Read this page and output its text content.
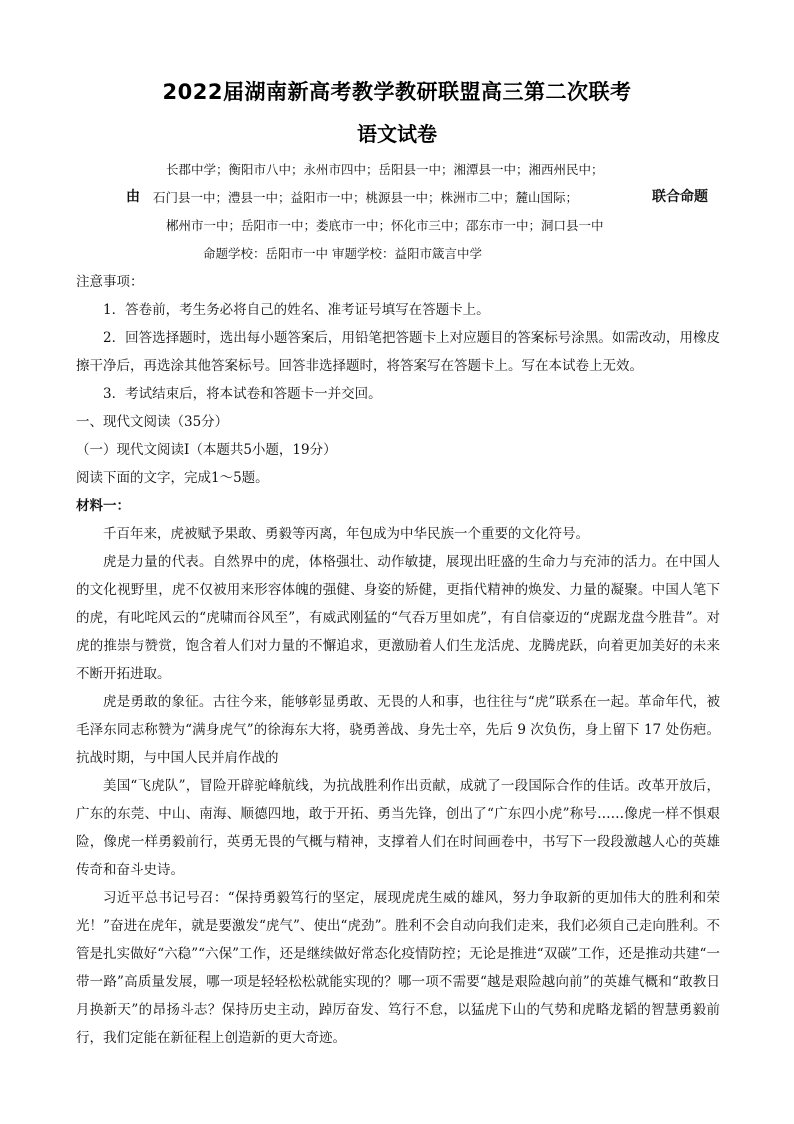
2022届湖南新高考教学教研联盟高三第二次联考
语文试卷
长郡中学；衡阳市八中；永州市四中；岳阳县一中；湘潭县一中；湘西州民中；
由 石门县一中；澧县一中；益阳市一中；桃源县一中；株洲市二中；麓山国际；	联合命题
郴州市一中；岳阳市一中；娄底市一中；怀化市三中；邵东市一中；洞口县一中
命题学校：岳阳市一中 审题学校：益阳市箴言中学

注意事项：

1．答卷前，考生务必将自己的姓名、准考证号填写在答题卡上。

2．回答选择题时，选出每小题答案后，用铅笔把答题卡上对应题目的答案标号涂黑。如需改动，用橡皮擦干净后，再选涂其他答案标号。回答非选择题时，将答案写在答题卡上。写在本试卷上无效。

3．考试结束后，将本试卷和答题卡一并交回。

一、现代文阅读（35分）

（一）现代文阅读Ⅰ（本题共5小题，19分）

阅读下面的文字，完成1～5题。

材料一：

千百年来，虎被赋予果敢、勇毅等丙离，年包成为中华民族一个重要的文化符号。

虎是力量的代表。自然界中的虎，体格强壮、动作敏捷，展现出旺盛的生命力与充沛的活力。在中国人的文化视野里，虎不仅被用来形容体魄的强健、身姿的矫健，更指代精神的焕发、力量的凝聚。中国人笔下的虎，有叱咤风云的“虎啸而谷风至”，有威武刚猛的“气吞万里如虎”，有自信豪迈的“虎踞龙盘今胜昔”。对虎的推崇与赞赏，饱含着人们对力量的不懈追求，更激励着人们生龙活虎、龙腾虎跃，向着更加美好的未来不断开拓进取。

虎是勇敢的象征。古往今来，能够彰显勇敢、无畏的人和事，也往往与“虎”联系在一起。革命年代，被毛泽东同志称赞为“满身虎气”的徐海东大将，骁勇善战、身先士卒，先后 9 次负伤，身上留下 17 处伤疤。抗战时期，与中国人民并肩作战的

美国“飞虎队”，冒险开辟驼峰航线，为抗战胜利作出贡献，成就了一段国际合作的佳话。改革开放后，广东的东莞、中山、南海、顺德四地，敢于开拓、勇当先锋，创出了“广东四小虎”称号……像虎一样不惧艰险，像虎一样勇毅前行，英勇无畏的气概与精神，支撑着人们在时间画卷中，书写下一段段激越人心的英雄传奇和奋斗史诗。

习近平总书记号召：“保持勇毅笃行的坚定，展现虎虎生威的雄风，努力争取新的更加伟大的胜利和荣光！”奋进在虎年，就是要激发“虎气”、使出“虎劲”。胜利不会自动向我们走来，我们必须自己走向胜利。不管是扎实做好“六稳”“六保”工作，还是继续做好常态化疫情防控；无论是推进“双碳”工作，还是推动共建“一带一路”高质量发展，哪一项是轻轻松松就能实现的？哪一项不需要“越是艰险越向前”的英雄气概和“敢教日月换新天”的昂扬斗志？保持历史主动，踔厉奋发、笃行不怠，以猛虎下山的气势和虎略龙韬的智慧勇毅前行，我们定能在新征程上创造新的更大奇迹。
